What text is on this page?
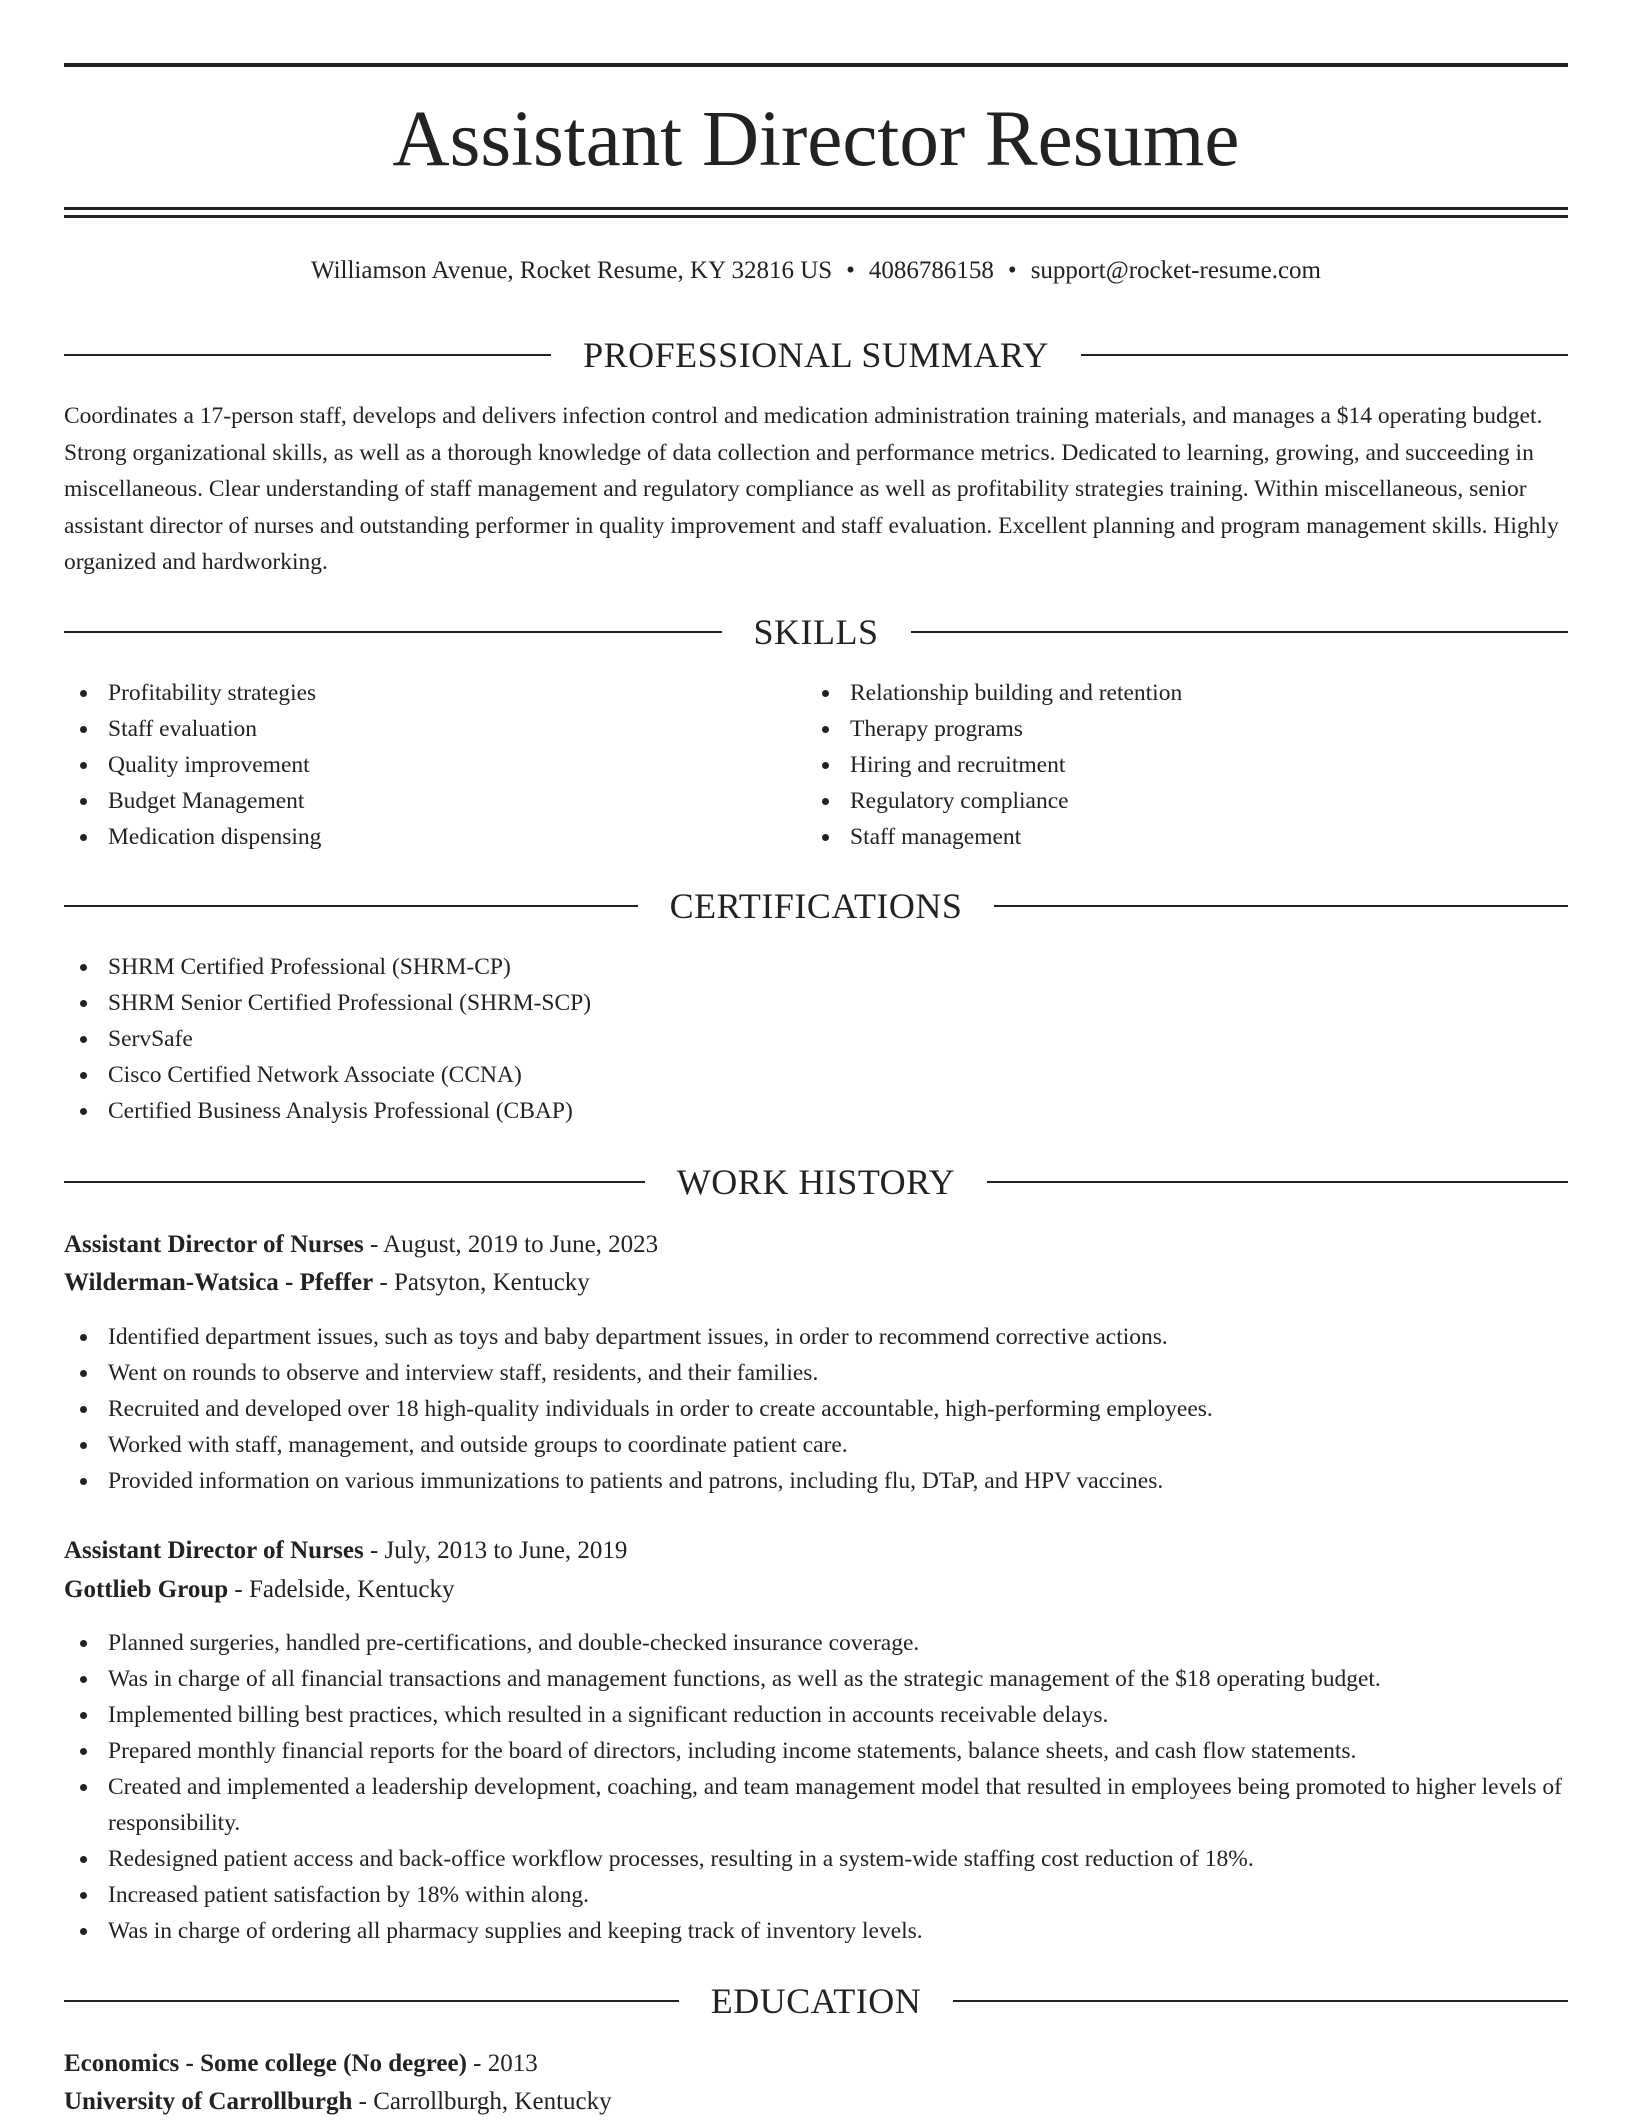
Assistant Director Resume
Williamson Avenue, Rocket Resume, KY 32816 US • 4086786158 • support@rocket-resume.com
PROFESSIONAL SUMMARY

Coordinates a 17-person staff, develops and delivers infection control and medication administration training materials, and manages a $14 operating budget. Strong organizational skills, as well as a thorough knowledge of data collection and performance metrics. Dedicated to learning, growing, and succeeding in miscellaneous. Clear understanding of staff management and regulatory compliance as well as profitability strategies training. Within miscellaneous, senior assistant director of nurses and outstanding performer in quality improvement and staff evaluation. Excellent planning and program management skills. Highly organized and hardworking.

SKILLS
Profitability strategies
Staff evaluation
Quality improvement
Budget Management
Medication dispensing
Relationship building and retention
Therapy programs
Hiring and recruitment
Regulatory compliance
Staff management
CERTIFICATIONS
SHRM Certified Professional (SHRM-CP)
SHRM Senior Certified Professional (SHRM-SCP)
ServSafe
Cisco Certified Network Associate (CCNA)
Certified Business Analysis Professional (CBAP)
WORK HISTORY
Assistant Director of Nurses - August, 2019 to June, 2023
Wilderman-Watsica - Pfeffer - Patsyton, Kentucky
Identified department issues, such as toys and baby department issues, in order to recommend corrective actions.
Went on rounds to observe and interview staff, residents, and their families.
Recruited and developed over 18 high-quality individuals in order to create accountable, high-performing employees.
Worked with staff, management, and outside groups to coordinate patient care.
Provided information on various immunizations to patients and patrons, including flu, DTaP, and HPV vaccines.
Assistant Director of Nurses - July, 2013 to June, 2019
Gottlieb Group - Fadelside, Kentucky
Planned surgeries, handled pre-certifications, and double-checked insurance coverage.
Was in charge of all financial transactions and management functions, as well as the strategic management of the $18 operating budget.
Implemented billing best practices, which resulted in a significant reduction in accounts receivable delays.
Prepared monthly financial reports for the board of directors, including income statements, balance sheets, and cash flow statements.
Created and implemented a leadership development, coaching, and team management model that resulted in employees being promoted to higher levels of responsibility.
Redesigned patient access and back-office workflow processes, resulting in a system-wide staffing cost reduction of 18%.
Increased patient satisfaction by 18% within along.
Was in charge of ordering all pharmacy supplies and keeping track of inventory levels.
EDUCATION
Economics - Some college (No degree) - 2013
University of Carrollburgh - Carrollburgh, Kentucky
